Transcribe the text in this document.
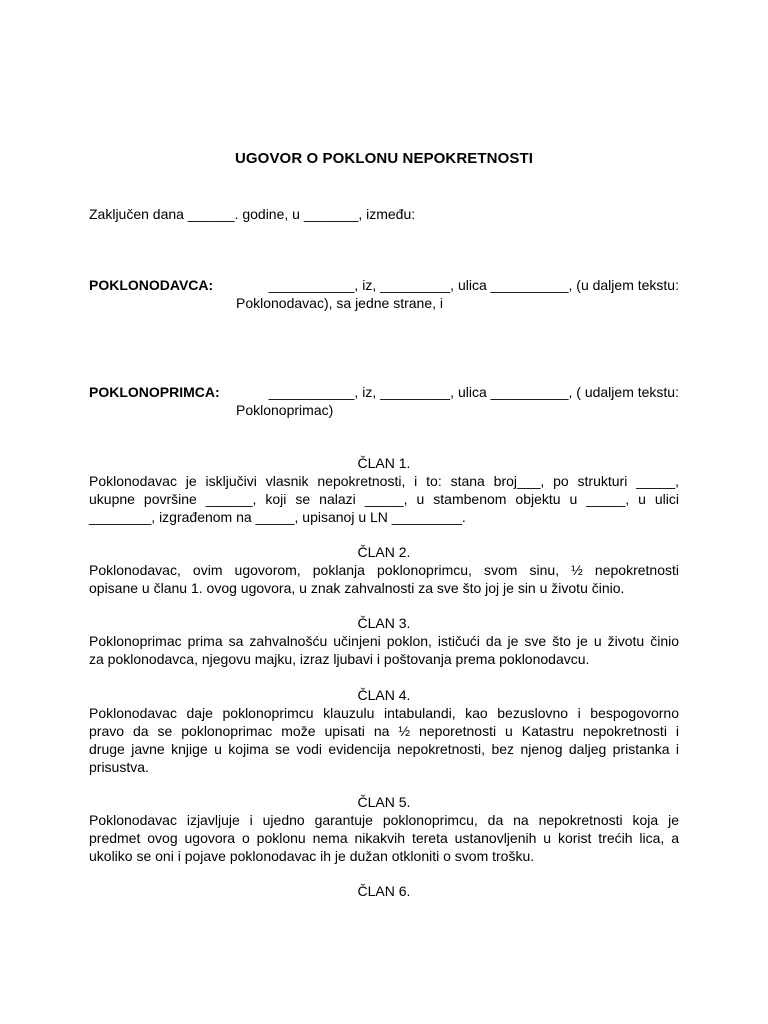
UGOVOR O POKLONU NEPOKRETNOSTI
Zaključen dana ______. godine, u _______, između:
POKLONODAVCA:	___________, iz, _________, ulica __________, (u daljem tekstu:
Poklonodavac), sa jedne strane, i
POKLONOPRIMCA:	___________, iz, _________, ulica __________, ( udaljem tekstu:
Poklonoprimac)
ČLAN 1.
Poklonodavac je isključivi vlasnik nepokretnosti, i to: stana broj___, po strukturi _____,
ukupne površine ______, koji se nalazi _____, u stambenom objektu u _____, u ulici
________, izgrađenom na _____, upisanoj u LN _________.
ČLAN 2.
Poklonodavac, ovim ugovorom, poklanja poklonoprimcu, svom sinu, ½ nepokretnosti
opisane u članu 1. ovog ugovora, u znak zahvalnosti za sve što joj je sin u životu činio.
ČLAN 3.
Poklonoprimac prima sa zahvalnošću učinjeni poklon, ističući da je sve što je u životu činio
za poklonodavca, njegovu majku, izraz ljubavi i poštovanja prema poklonodavcu.
ČLAN 4.
Poklonodavac daje poklonoprimcu klauzulu intabulandi, kao bezuslovno i bespogovorno
pravo da se poklonoprimac može upisati na ½ neporetnosti u Katastru nepokretnosti i
druge javne knjige u kojima se vodi evidencija nepokretnosti, bez njenog daljeg pristanka i
prisustva.
ČLAN 5.
Poklonodavac izjavljuje i ujedno garantuje poklonoprimcu, da na nepokretnosti koja je
predmet ovog ugovora o poklonu nema nikakvih tereta ustanovljenih u korist trećih lica, a
ukoliko se oni i pojave poklonodavac ih je dužan otkloniti o svom trošku.
ČLAN 6.
